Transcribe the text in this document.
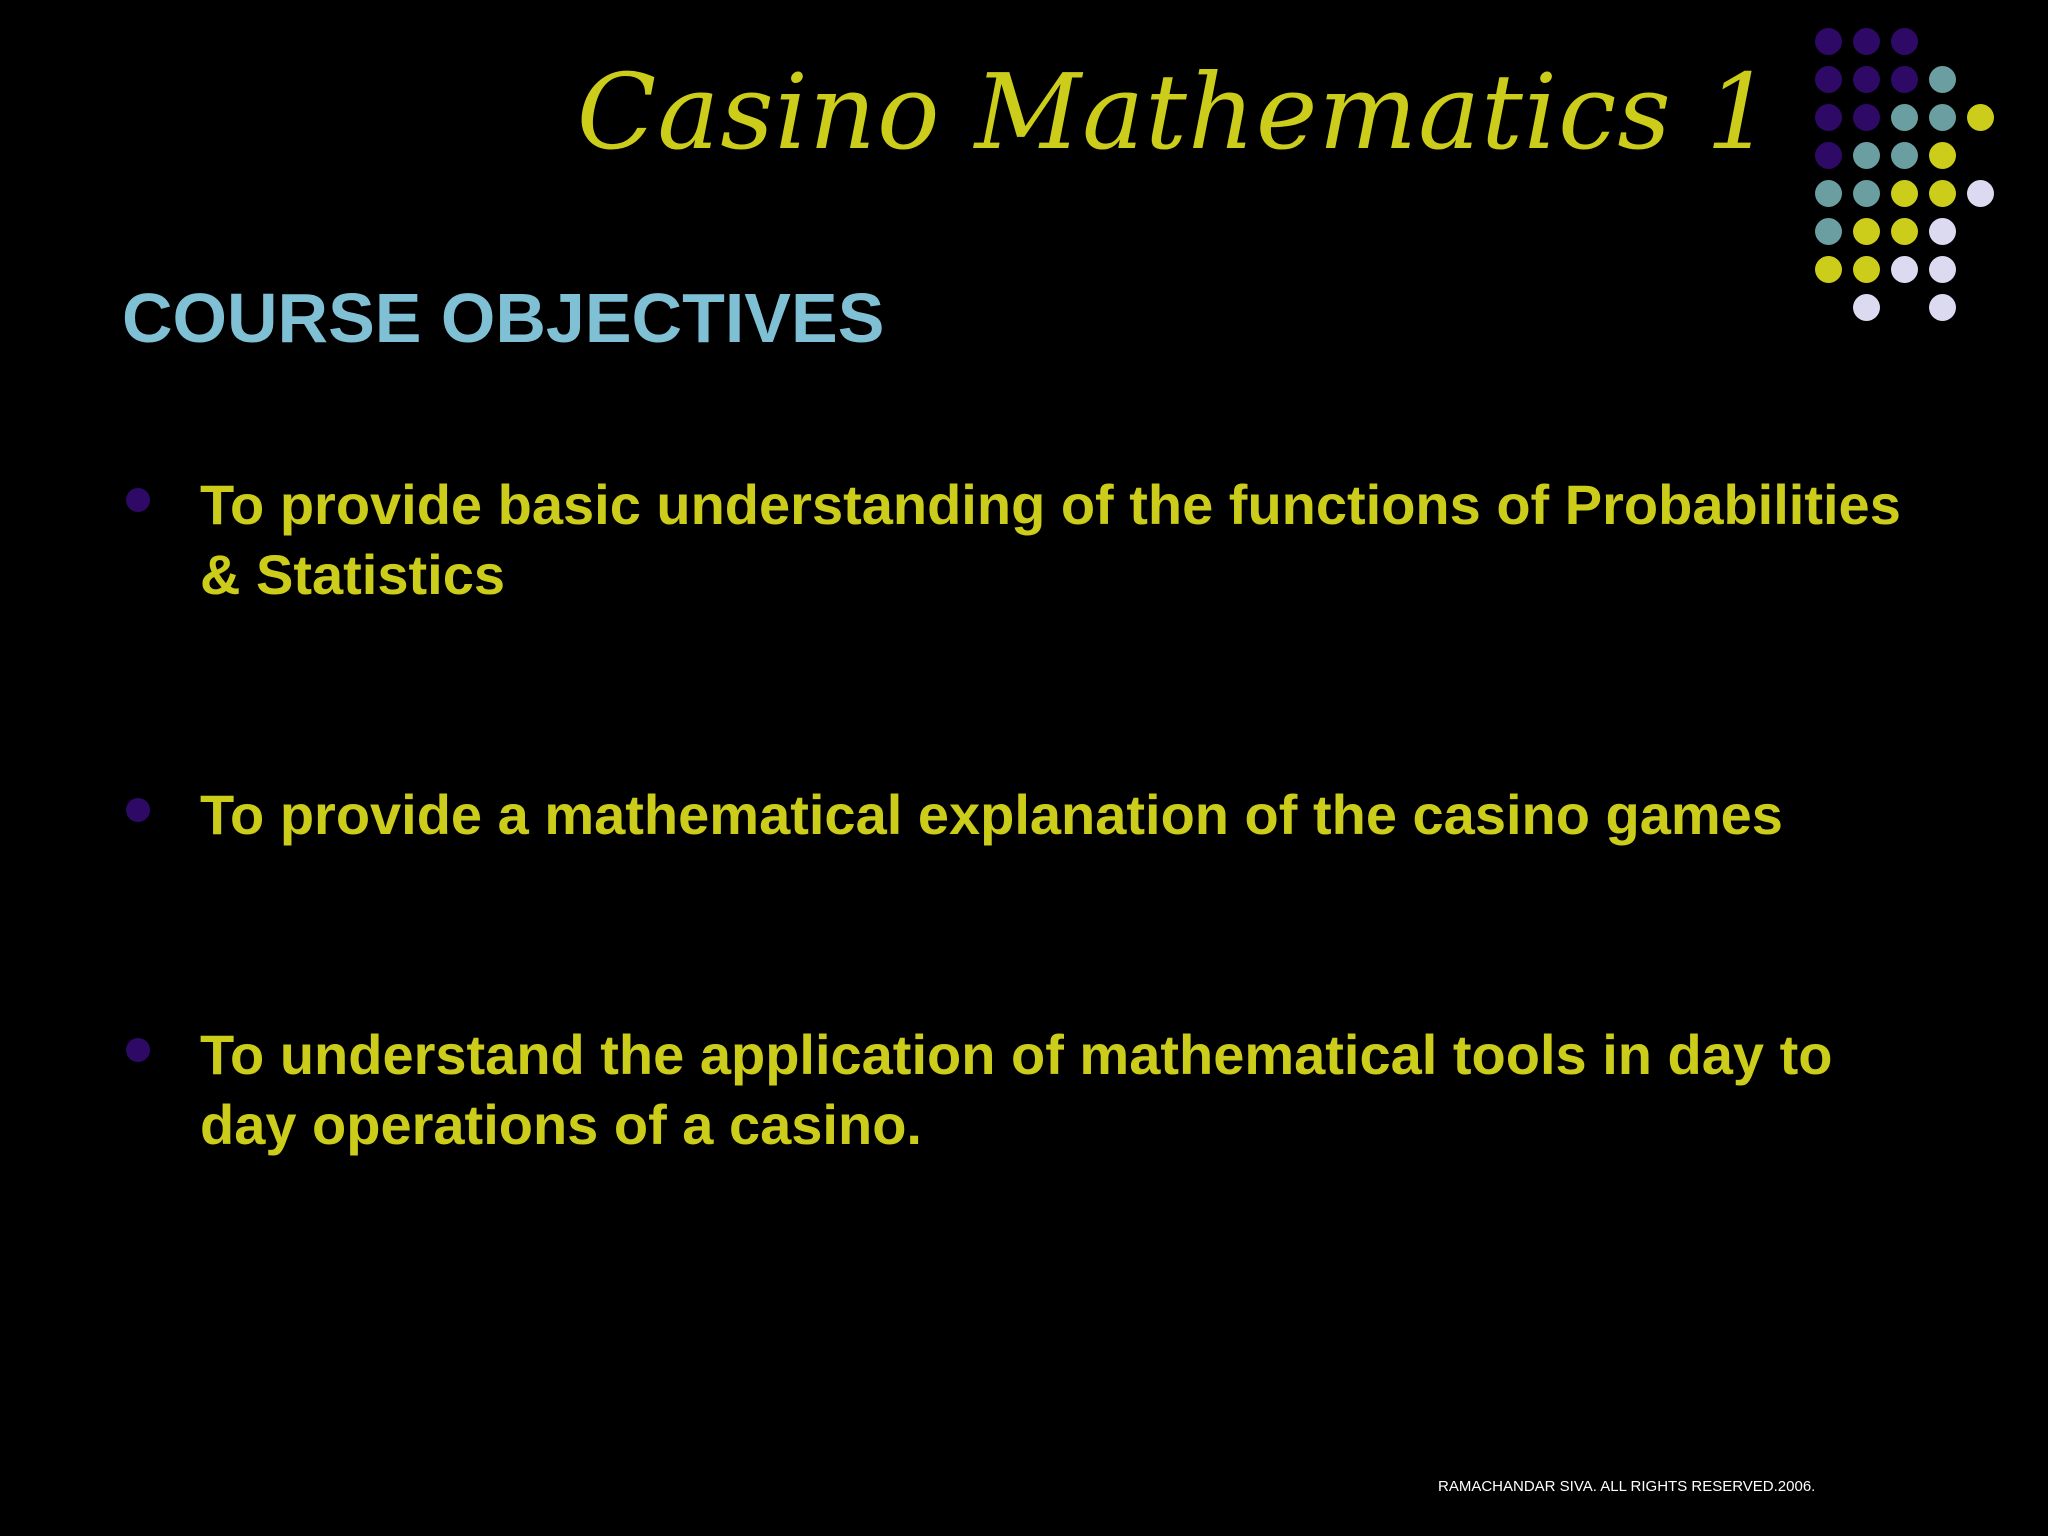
Casino Mathematics 1
COURSE OBJECTIVES
To provide basic understanding of the functions of Probabilities & Statistics
To provide a mathematical explanation of the casino games
To understand the application of mathematical tools in day to day operations of a casino.
RAMACHANDAR SIVA. ALL RIGHTS RESERVED.2006.
